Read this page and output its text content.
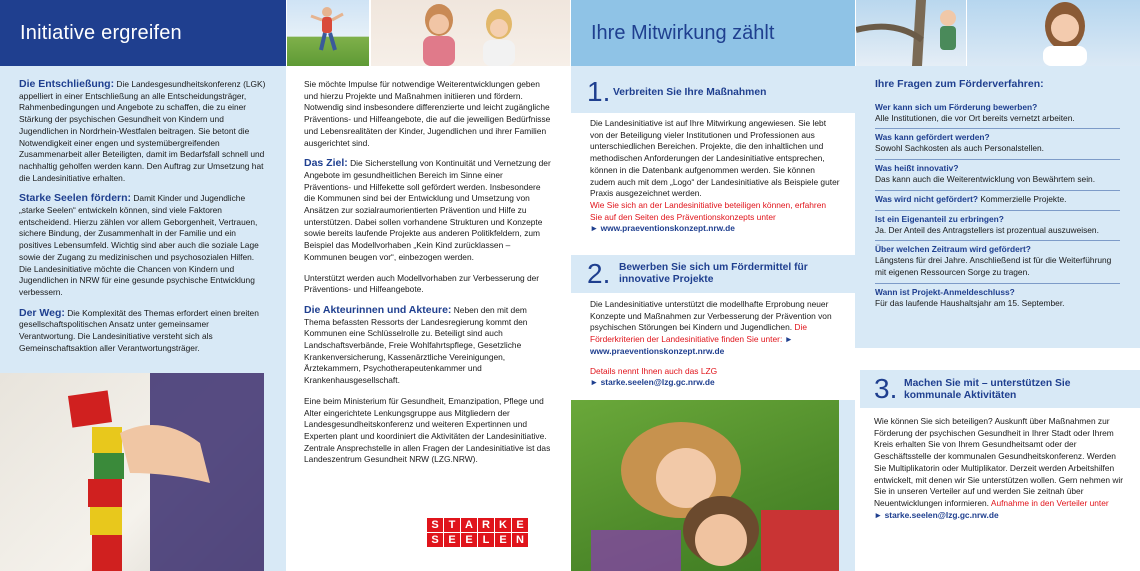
Initiative ergreifen	Ihre Mitwirkung zählt

Die Entschließung: Die Landesgesundheitskonferenz (LGK) appelliert in einer Entschließung an alle Entscheidungsträger, Rahmenbedingungen und Angebote zu schaffen, die zu einer Stärkung der psychischen Gesundheit von Kindern und Jugendlichen in Nordrhein-Westfalen beitragen. Sie betont die Notwendigkeit einer engen und systemübergreifenden Zusammenarbeit aller Beteiligten, damit im Bedarfsfall schnell und nachhaltig geholfen werden kann. Den Auftrag zur Umsetzung hat die Landesinitiative erhalten.

Starke Seelen fördern: Damit Kinder und Jugendliche „starke Seelen“ entwickeln können, sind viele Faktoren entscheidend. Hierzu zählen vor allem Geborgenheit, Vertrauen, sichere Bindung, der Zusammenhalt in der Familie und ein positives Lebensumfeld. Wichtig sind aber auch die soziale Lage sowie der Zugang zu medizinischen und psychosozialen Hilfen. Die Landesinitiative möchte die Chancen von Kindern und Jugendlichen in NRW für eine gesunde psychische Entwicklung verbessern.

Der Weg: Die Komplexität des Themas erfordert einen breiten gesellschaftspolitischen Ansatz unter gemeinsamer Verantwortung. Die Landesinitiative versteht sich als Gemeinschaftsaktion aller Verantwortungsträger.

Sie möchte Impulse für notwendige Weiterentwicklungen geben und hierzu Projekte und Maßnahmen initiieren und fördern. Notwendig sind insbesondere differenzierte und leicht zugängliche Präventions- und Hilfeangebote, die auf die jeweiligen Bedürfnisse und Lebensrealitäten der Kinder, Jugendlichen und ihrer Familien ausgerichtet sind.

Das Ziel: Die Sicherstellung von Kontinuität und Vernetzung der Angebote im gesundheitlichen Bereich im Sinne einer Präventions- und Hilfekette soll gefördert werden. Insbesondere die Kommunen sind bei der Entwicklung und Umsetzung von Ansätzen zur sozialraumorientierten Prävention und Hilfe zu unterstützen. Dabei sollen vorhandene Strukturen und Konzepte sowie bereits laufende Projekte aus anderen Politikfeldern, zum Beispiel das Modellvorhaben „Kein Kind zurücklassen – Kommunen beugen vor“, einbezogen werden.

Unterstützt werden auch Modellvorhaben zur Verbesserung der Präventions- und Hilfeangebote.

Die Akteurinnen und Akteure: Neben den mit dem Thema befassten Ressorts der Landesregierung kommt den Kommunen eine Schlüsselrolle zu. Beteiligt sind auch Landschaftsverbände, Freie Wohlfahrtspflege, Gesetzliche Krankenversicherung, Kassenärztliche Vereinigungen, Ärztekammern, Psychotherapeutenkammer und Krankenhausgesellschaft.

Eine beim Ministerium für Gesundheit, Emanzipation, Pflege und Alter eingerichtete Lenkungsgruppe aus Mitgliedern der Landesgesundheitskonferenz und weiteren Expertinnen und Experten plant und koordiniert die Aktivitäten der Landesinitiative. Zentrale Ansprechstelle in allen Fragen der Landesinitiative ist das Landeszentrum Gesundheit NRW (LZG.NRW).

S T A R K E
S E E L E N
1. Verbreiten Sie Ihre Maßnahmen
Die Landesinitiative ist auf Ihre Mitwirkung angewiesen. Sie lebt von der Beteiligung vieler Institutionen und Professionen aus unterschiedlichen Bereichen. Projekte, die den inhaltlichen und methodischen Anforderungen der Landesinitiative entsprechen, können in die Datenbank aufgenommen werden. Sie können zudem auch mit dem „Logo“ der Landesinitiative als Beispiele guter Praxis ausgezeichnet werden.
Wie Sie sich an der Landesinitiative beteiligen können, erfahren Sie auf den Seiten des Präventionskonzepts unter
► www.praeventionskonzept.nrw.de
2. Bewerben Sie sich um Fördermittel für innovative Projekte
Die Landesinitiative unterstützt die modellhafte Erprobung neuer Konzepte und Maßnahmen zur Verbesserung der Prävention von psychischen Störungen bei Kindern und Jugendlichen. Die Förderkriterien der Landesinitiative finden Sie unter: ► www.praeventionskonzept.nrw.de
Details nennt Ihnen auch das LZG
► starke.seelen@lzg.gc.nrw.de
Ihre Fragen zum Förderverfahren:
Wer kann sich um Förderung bewerben?
Alle Institutionen, die vor Ort bereits vernetzt arbeiten.
Was kann gefördert werden?
Sowohl Sachkosten als auch Personalstellen.
Was heißt innovativ?
Das kann auch die Weiterentwicklung von Bewährtem sein.
Was wird nicht gefördert? Kommerzielle Projekte.
Ist ein Eigenanteil zu erbringen?
Ja. Der Anteil des Antragstellers ist prozentual auszuweisen.
Über welchen Zeitraum wird gefördert?
Längstens für drei Jahre. Anschließend ist für die Weiterführung mit eigenen Ressourcen Sorge zu tragen.
Wann ist Projekt-Anmeldeschluss?
Für das laufende Haushaltsjahr am 15. September.
3. Machen Sie mit – unterstützen Sie kommunale Aktivitäten
Wie können Sie sich beteiligen? Auskunft über Maßnahmen zur Förderung der psychischen Gesundheit in Ihrer Stadt oder Ihrem Kreis erhalten Sie von Ihrem Gesundheitsamt oder der Geschäftsstelle der kommunalen Gesundheitskonferenz. Werden Sie Multiplikatorin oder Multiplikator. Derzeit werden Arbeitshilfen entwickelt, mit denen wir Sie unterstützen wollen. Gern nehmen wir Sie in unseren Verteiler auf und werden Sie zeitnah über Neuentwicklungen informieren. Aufnahme in den Verteiler unter
► starke.seelen@lzg.gc.nrw.de
